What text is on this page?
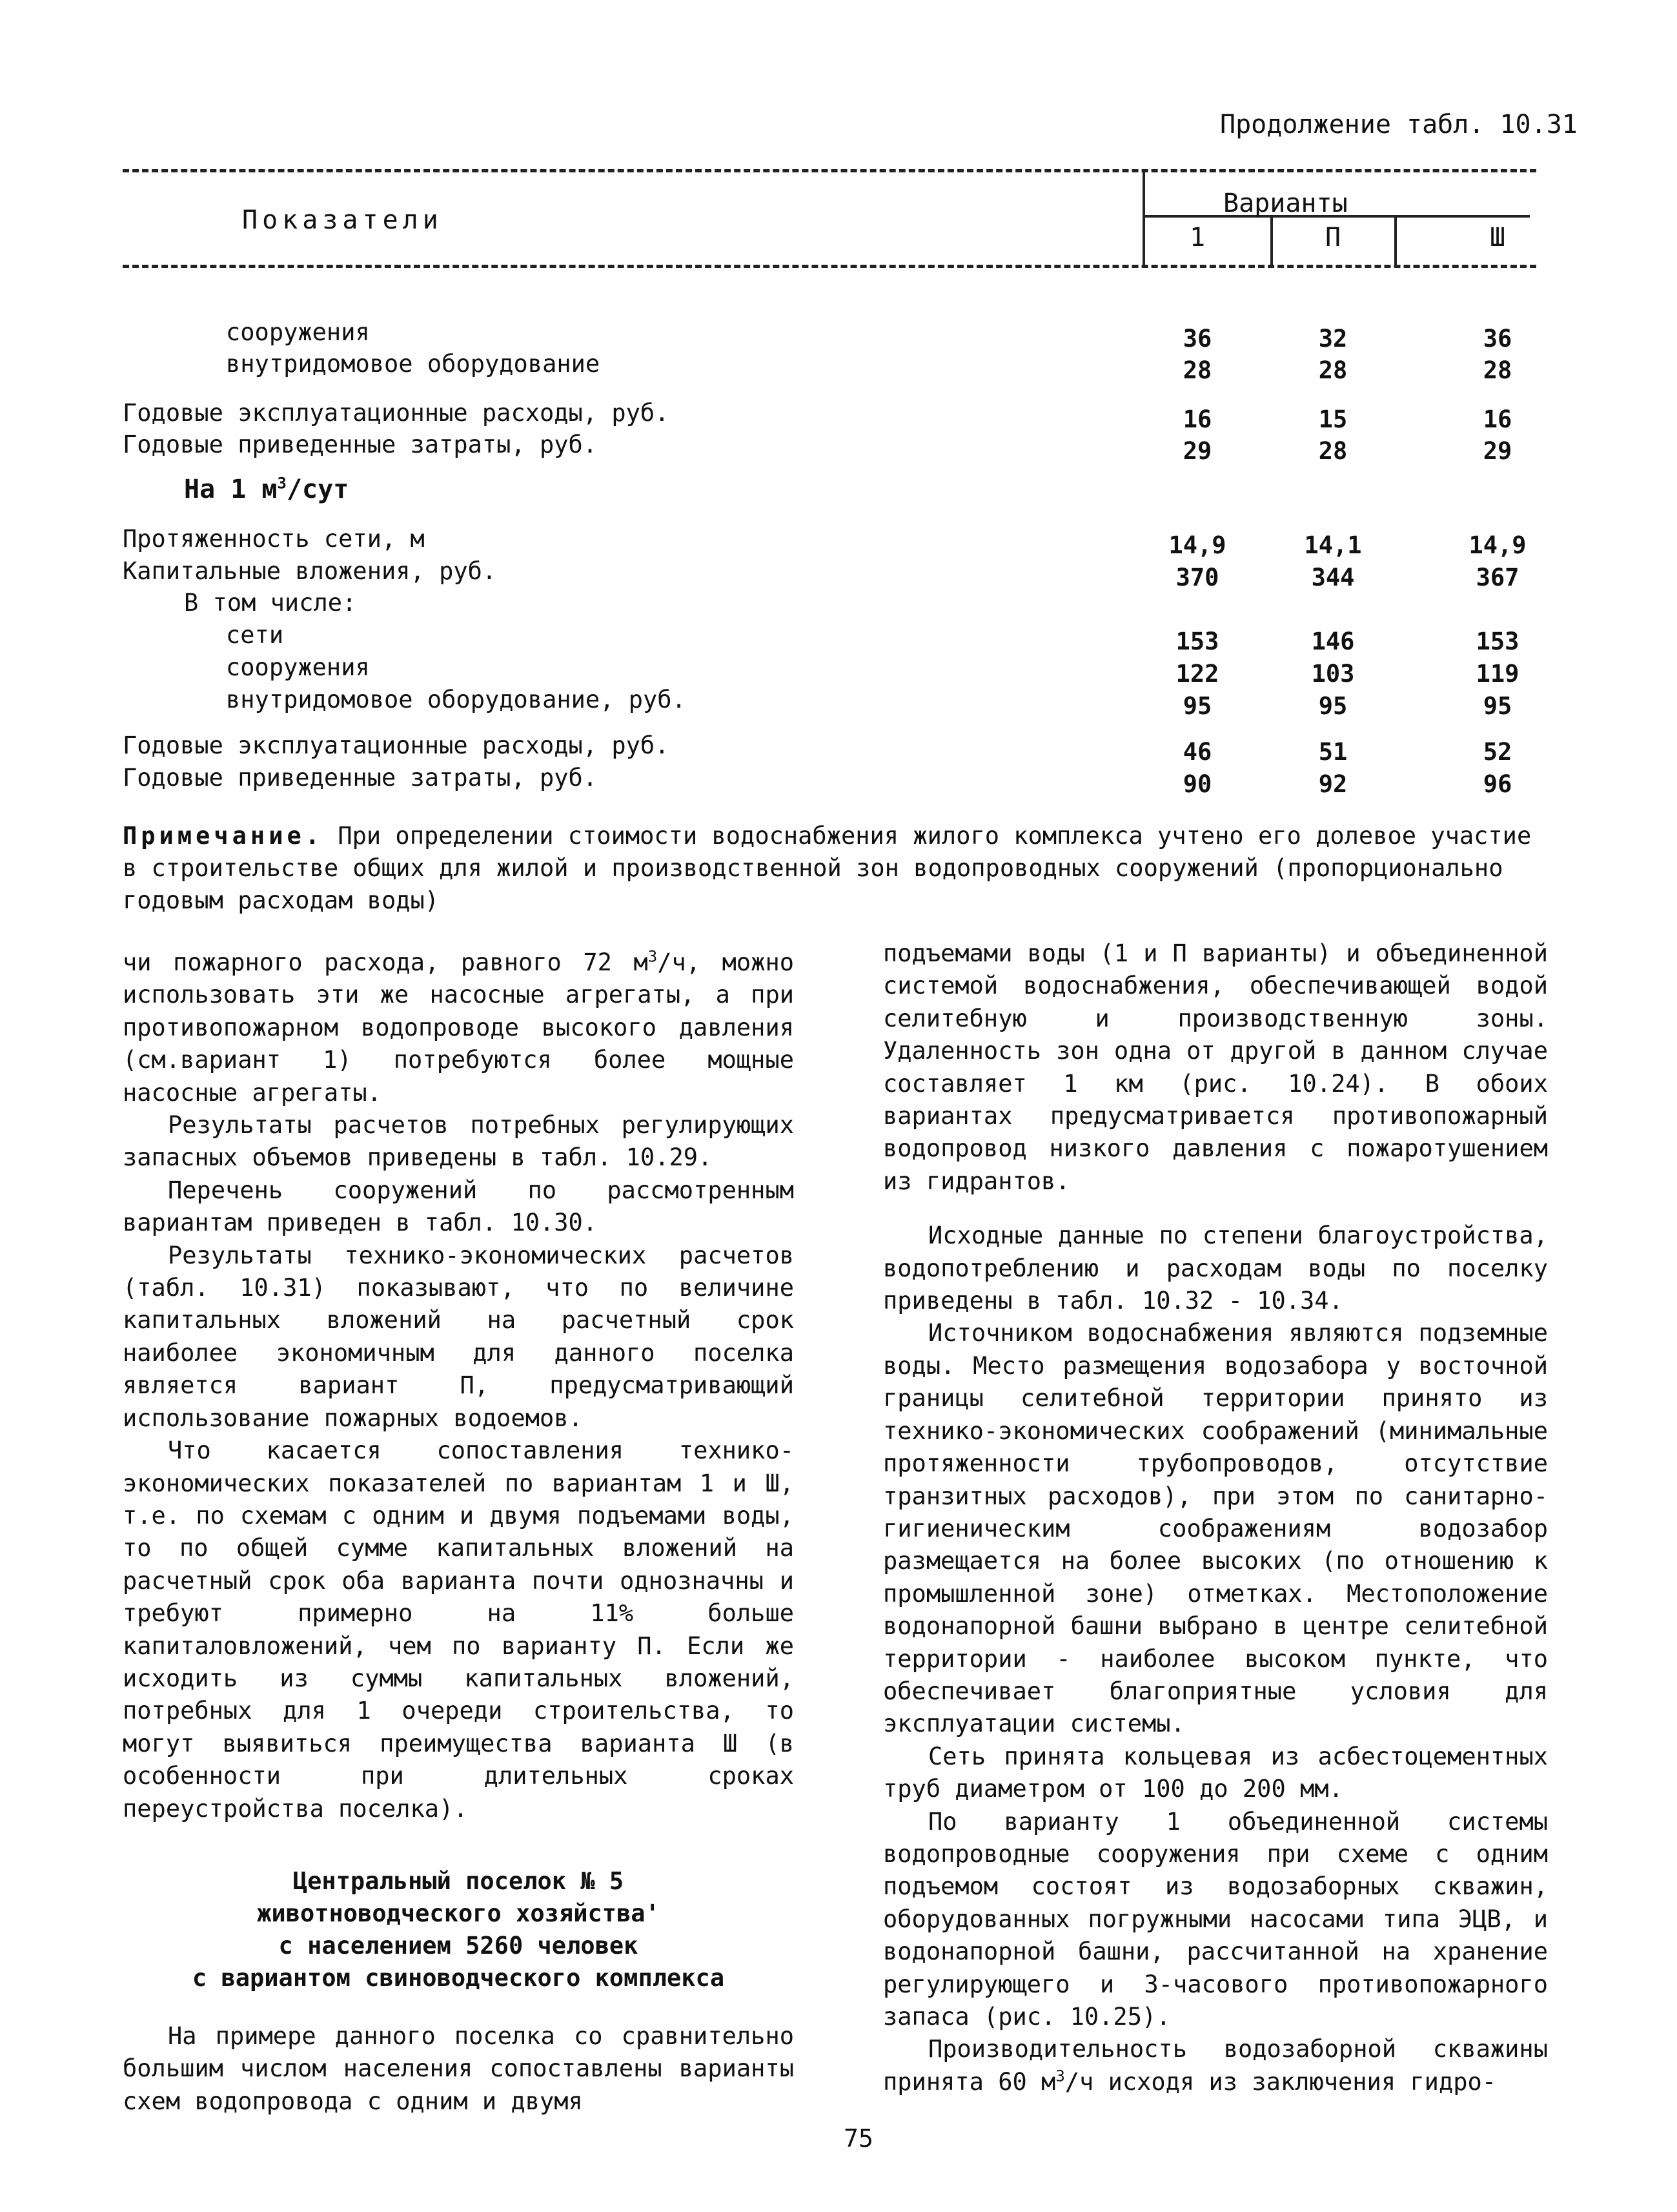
Продолжение табл. 10.31
Показатели
Варианты
1	П	Ш
сооружения	36	32	36
внутридомовое оборудование	28	28	28
Годовые эксплуатационные расходы, руб.	16	15	16
Годовые приведенные затраты, руб.	29	28	29
На 1 $м^3$/сут
Протяженность сети, м	14,9	14,1	14,9
Капитальные вложения, руб.	370	344	367
В том числе:
сети	153	146	153
сооружения	122	103	119
внутридомовое оборудование, руб.	95	95	95
Годовые эксплуатационные расходы, руб.	46	51	52
Годовые приведенные затраты, руб.	90	92	96
Примечание. При определении стоимости водоснабжения жилого комплекса учтено его долевое участие в строительстве общих для жилой и производственной зон водопроводных сооружений (пропорционально годовым расходам воды)

чи пожарного расхода, равного 72 $м^3/ч$, можно использовать эти же насосные агрегаты, а при противопожарном водопроводе высокого давления (см.вариант 1) потребуются более мощные насосные агрегаты.

Результаты расчетов потребных регулирующих запасных объемов приведены в табл. 10.29.

Перечень сооружений по рассмотренным вариантам приведен в табл. 10.30.

Результаты технико-экономических расчетов (табл. 10.31) показывают, что по величине капитальных вложений на расчетный срок наиболее экономичным для данного поселка является вариант П, предусматривающий использование пожарных водоемов.

Что касается сопоставления технико-экономических показателей по вариантам 1 и Ш, т.е. по схемам с одним и двумя подъемами воды, то по общей сумме капитальных вложений на расчетный срок оба варианта почти однозначны и требуют примерно на 11% больше капиталовложений, чем по варианту П. Если же исходить из суммы капитальных вложений, потребных для 1 очереди строительства, то могут выявиться преимущества варианта Ш (в особенности при длительных сроках переустройства поселка).

Центральный поселок № 5

животноводческого хозяйства'

с населением 5260 человек

с вариантом свиноводческого комплекса

На примере данного поселка со сравнительно большим числом населения сопоставлены варианты схем водопровода с одним и двумя

подъемами воды (1 и П варианты) и объединенной системой водоснабжения, обеспечивающей водой селитебную и производственную зоны. Удаленность зон одна от другой в данном случае составляет 1 км (рис. 10.24). В обоих вариантах предусматривается противопожарный водопровод низкого давления с пожаротушением из гидрантов.

Исходные данные по степени благоустройства, водопотреблению и расходам воды по поселку приведены в табл. 10.32 - 10.34.

Источником водоснабжения являются подземные воды. Место размещения водозабора у восточной границы селитебной территории принято из технико-экономических соображений (минимальные протяженности трубопроводов, отсутствие транзитных расходов), при этом по санитарно-гигиеническим соображениям водозабор размещается на более высоких (по отношению к промышленной зоне) отметках. Местоположение водонапорной башни выбрано в центре селитебной территории - наиболее высоком пункте, что обеспечивает благоприятные условия для эксплуатации системы.

Сеть принята кольцевая из асбестоцементных труб диаметром от 100 до 200 мм.

По варианту 1 объединенной системы водопроводные сооружения при схеме с одним подъемом состоят из водозаборных скважин, оборудованных погружными насосами типа ЭЦВ, и водонапорной башни, рассчитанной на хранение регулирующего и 3-часового противопожарного запаса (рис. 10.25).

Производительность водозаборной скважины принята 60 $м^3/ч$ исходя из заключения гидро-

75
